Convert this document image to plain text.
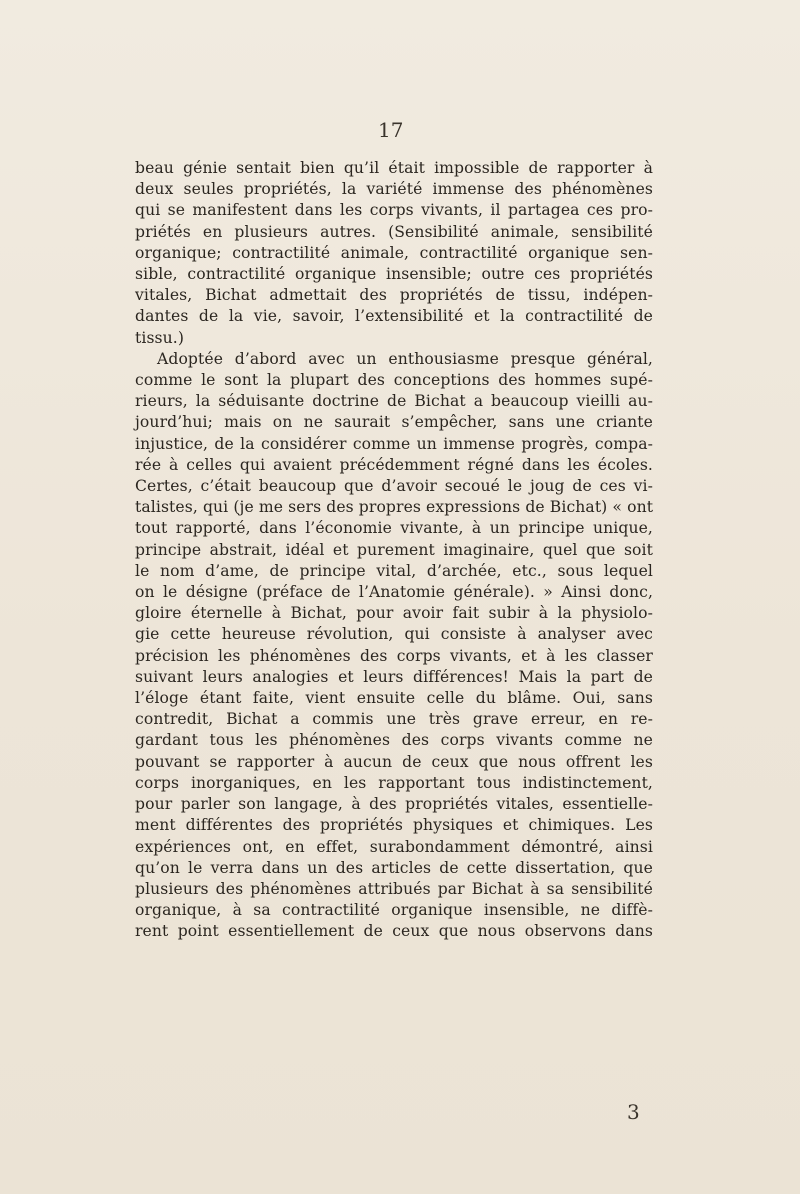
17
beau génie sentait bien qu’il était impossible de rapporter à
deux seules propriétés, la variété immense des phénomènes
qui se manifestent dans les corps vivants, il partagea ces pro-
priétés en plusieurs autres. (Sensibilité animale, sensibilité
organique; contractilité animale, contractilité organique sen-
sible, contractilité organique insensible; outre ces propriétés
vitales, Bichat admettait des propriétés de tissu, indépen-
dantes de la vie, savoir, l’extensibilité et la contractilité de
tissu.)
Adoptée d’abord avec un enthousiasme presque général,
comme le sont la plupart des conceptions des hommes supé-
rieurs, la séduisante doctrine de Bichat a beaucoup vieilli au-
jourd’hui; mais on ne saurait s’empêcher, sans une criante
injustice, de la considérer comme un immense progrès, compa-
rée à celles qui avaient précédemment régné dans les écoles.
Certes, c’était beaucoup que d’avoir secoué le joug de ces vi-
talistes, qui (je me sers des propres expressions de Bichat) « ont
tout rapporté, dans l’économie vivante, à un principe unique,
principe abstrait, idéal et purement imaginaire, quel que soit
le nom d’ame, de principe vital, d’archée, etc., sous lequel
on le désigne (préface de l’Anatomie générale). » Ainsi donc,
gloire éternelle à Bichat, pour avoir fait subir à la physiolo-
gie cette heureuse révolution, qui consiste à analyser avec
précision les phénomènes des corps vivants, et à les classer
suivant leurs analogies et leurs différences! Mais la part de
l’éloge étant faite, vient ensuite celle du blâme. Oui, sans
contredit, Bichat a commis une très grave erreur, en re-
gardant tous les phénomènes des corps vivants comme ne
pouvant se rapporter à aucun de ceux que nous offrent les
corps inorganiques, en les rapportant tous indistinctement,
pour parler son langage, à des propriétés vitales, essentielle-
ment différentes des propriétés physiques et chimiques. Les
expériences ont, en effet, surabondamment démontré, ainsi
qu’on le verra dans un des articles de cette dissertation, que
plusieurs des phénomènes attribués par Bichat à sa sensibilité
organique, à sa contractilité organique insensible, ne diffè-
rent point essentiellement de ceux que nous observons dans
3
